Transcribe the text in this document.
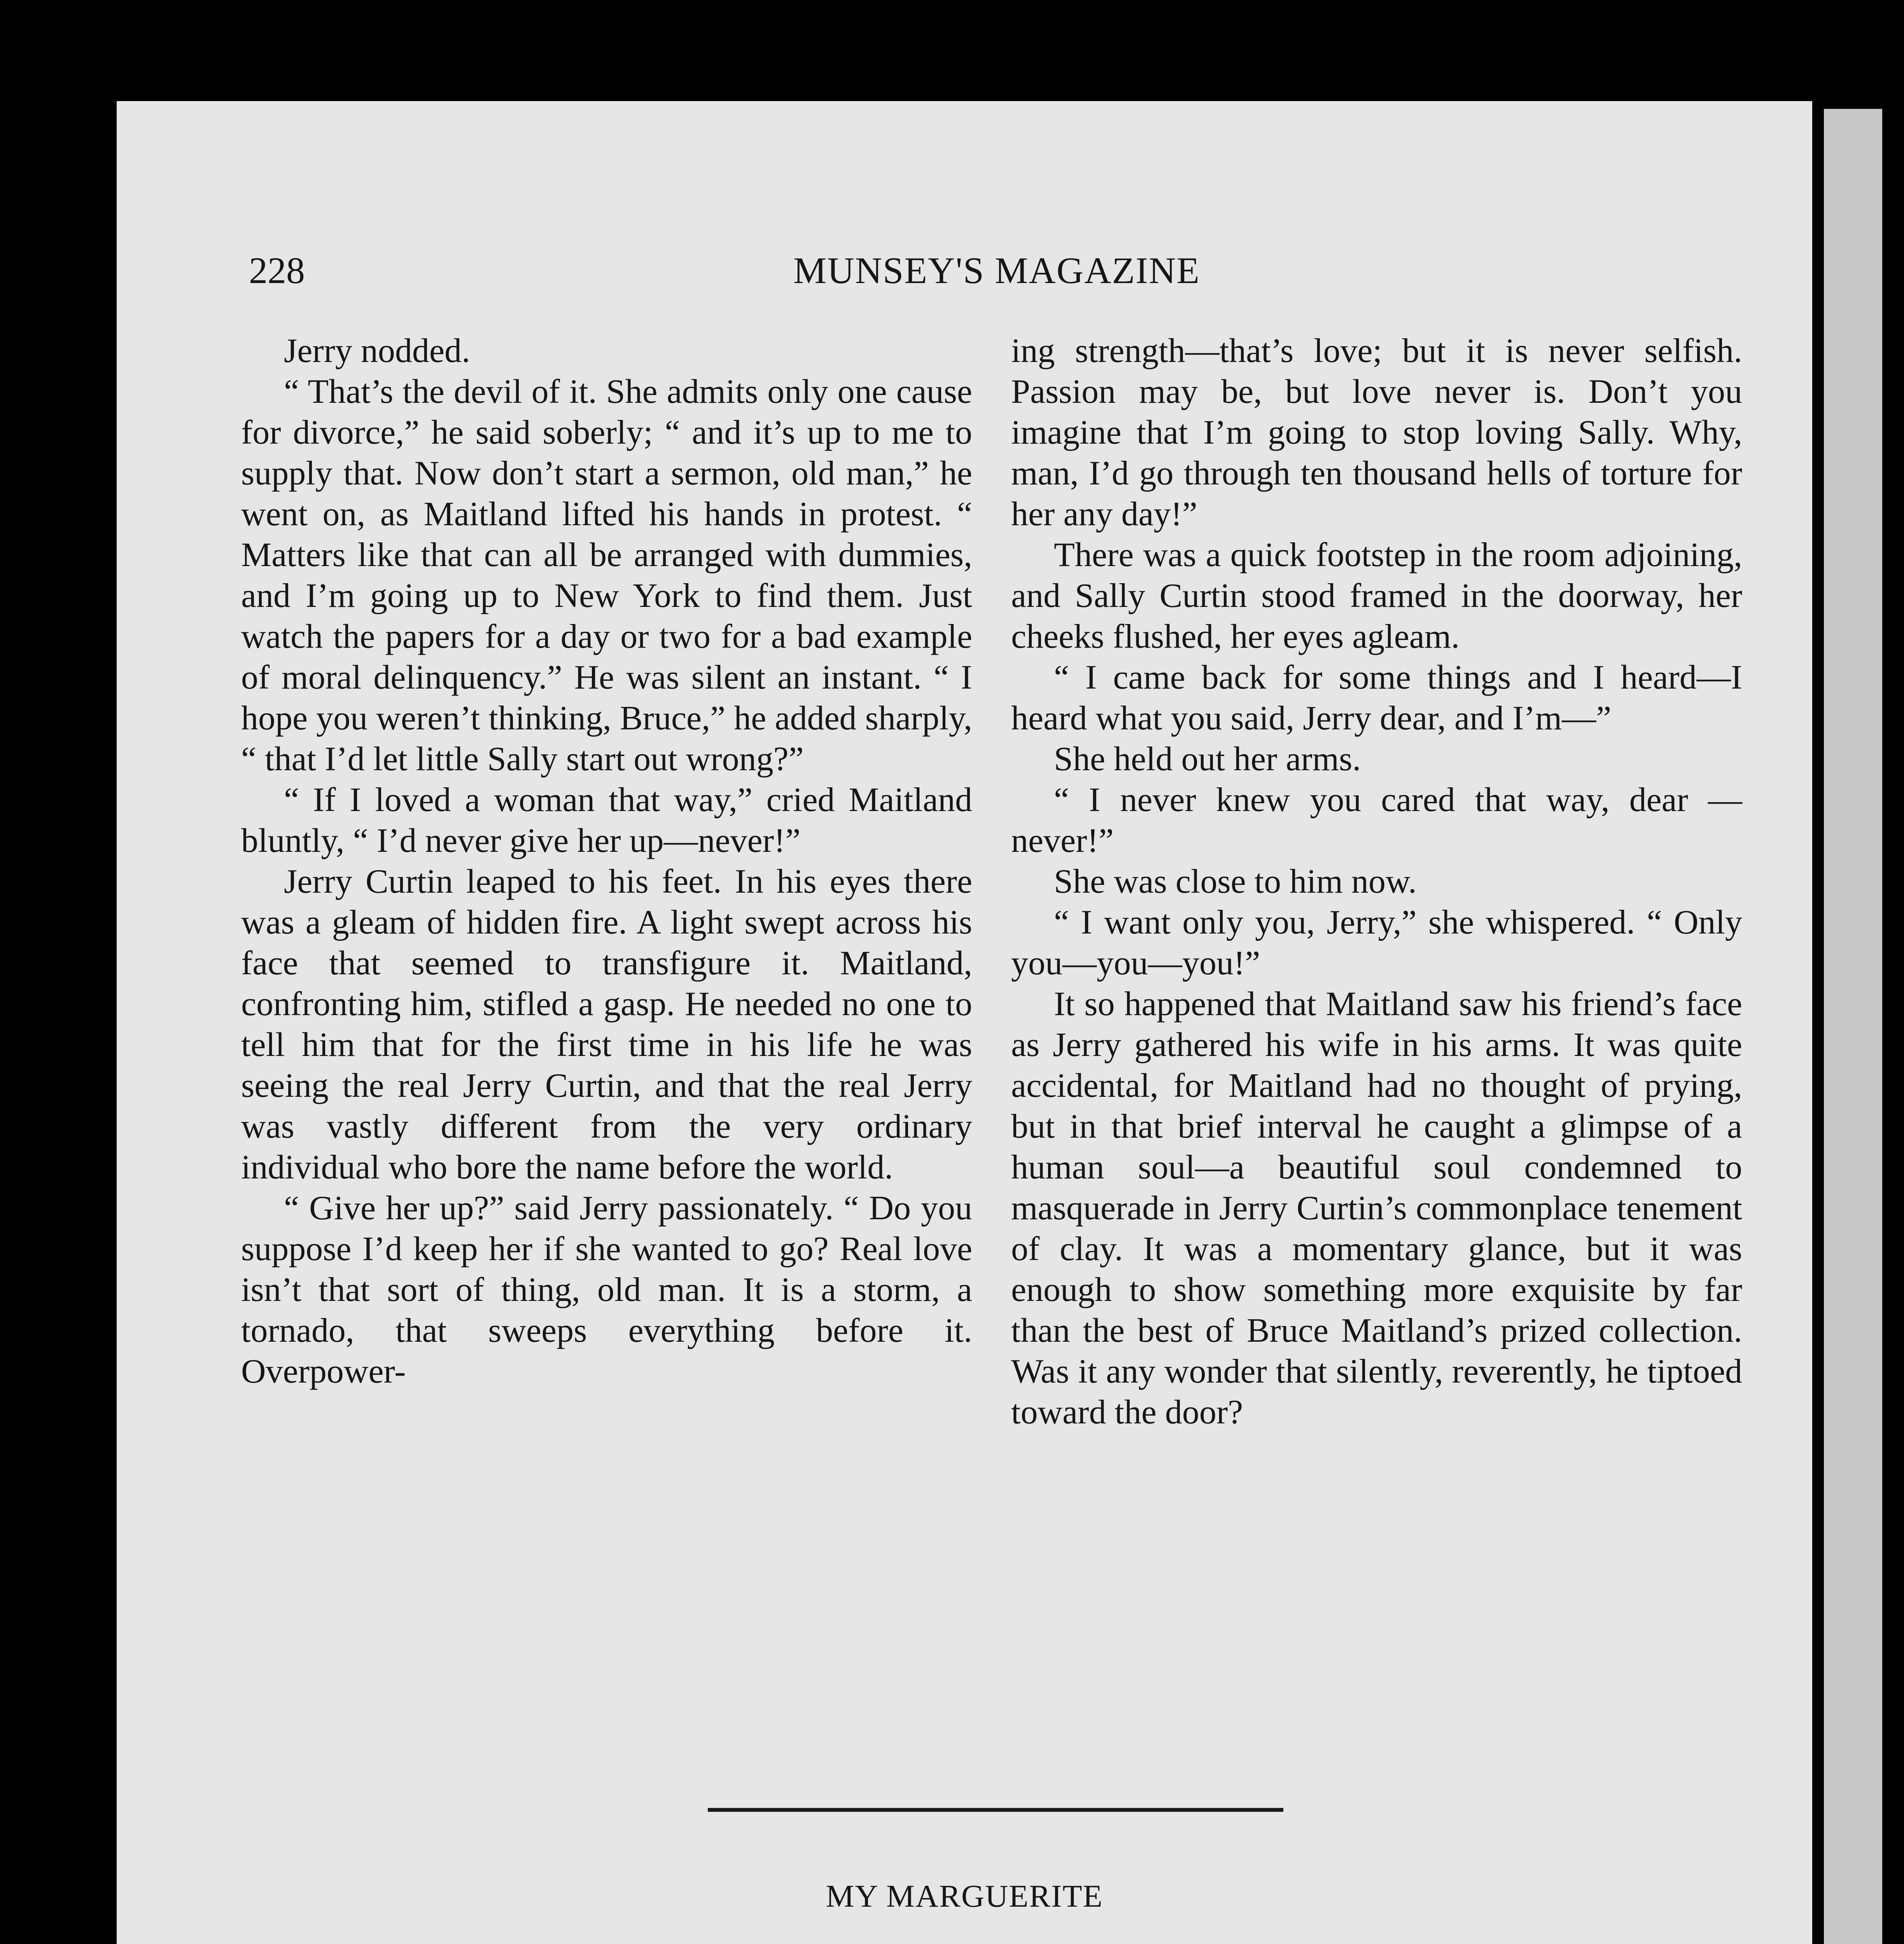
228	MUNSEY'S MAGAZINE

Jerry nodded.

“ That’s the devil of it. She admits only one cause for divorce,” he said soberly; “ and it’s up to me to supply that. Now don’t start a sermon, old man,” he went on, as Maitland lifted his hands in protest. “ Matters like that can all be arranged with dummies, and I’m going up to New York to find them. Just watch the papers for a day or two for a bad example of moral delinquency.” He was silent an instant. “ I hope you weren’t thinking, Bruce,” he added sharply, “ that I’d let little Sally start out wrong?”

“ If I loved a woman that way,” cried Maitland bluntly, “ I’d never give her up—never!”

Jerry Curtin leaped to his feet. In his eyes there was a gleam of hidden fire. A light swept across his face that seemed to transfigure it. Maitland, confronting him, stifled a gasp. He needed no one to tell him that for the first time in his life he was seeing the real Jerry Curtin, and that the real Jerry was vastly different from the very ordinary individual who bore the name before the world.

“ Give her up?” said Jerry passionately. “ Do you suppose I’d keep her if she wanted to go? Real love isn’t that sort of thing, old man. It is a storm, a tornado, that sweeps everything before it. Overpower-

ing strength—that’s love; but it is never selfish. Passion may be, but love never is. Don’t you imagine that I’m going to stop loving Sally. Why, man, I’d go through ten thousand hells of torture for her any day!”

There was a quick footstep in the room adjoining, and Sally Curtin stood framed in the doorway, her cheeks flushed, her eyes agleam.

“ I came back for some things and I heard—I heard what you said, Jerry dear, and I’m—”

She held out her arms.

“ I never knew you cared that way, dear —never!”

She was close to him now.

“ I want only you, Jerry,” she whispered. “ Only you—you—you!”

It so happened that Maitland saw his friend’s face as Jerry gathered his wife in his arms. It was quite accidental, for Maitland had no thought of prying, but in that brief interval he caught a glimpse of a human soul—a beautiful soul condemned to masquerade in Jerry Curtin’s commonplace tenement of clay. It was a momentary glance, but it was enough to show something more exquisite by far than the best of Bruce Maitland’s prized collection. Was it any wonder that silently, reverently, he tiptoed toward the door?

MY MARGUERITE
